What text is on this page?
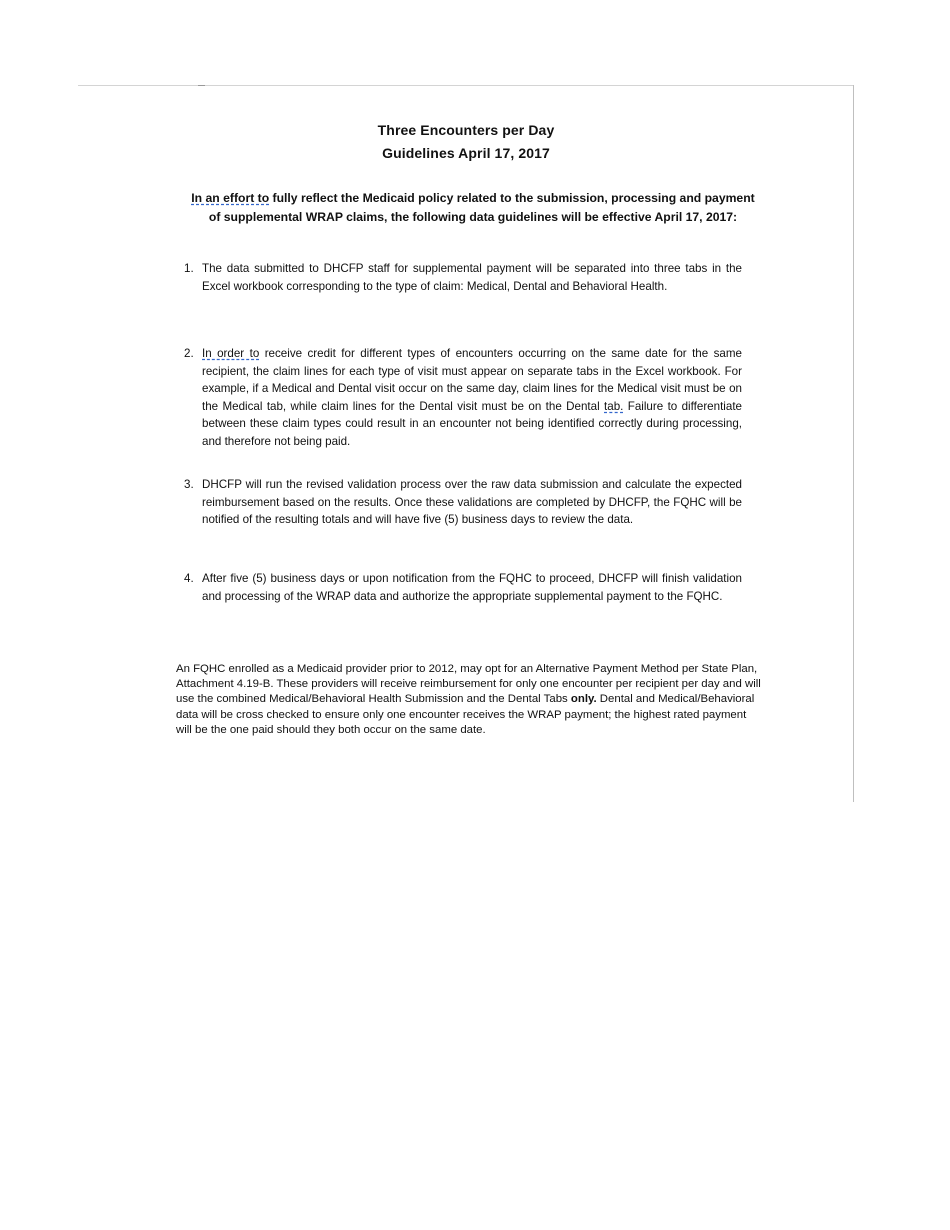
Three Encounters per Day
Guidelines April 17, 2017
In an effort to fully reflect the Medicaid policy related to the submission, processing and payment of supplemental WRAP claims, the following data guidelines will be effective April 17, 2017:
1. The data submitted to DHCFP staff for supplemental payment will be separated into three tabs in the Excel workbook corresponding to the type of claim: Medical, Dental and Behavioral Health.
2. In order to receive credit for different types of encounters occurring on the same date for the same recipient, the claim lines for each type of visit must appear on separate tabs in the Excel workbook. For example, if a Medical and Dental visit occur on the same day, claim lines for the Medical visit must be on the Medical tab, while claim lines for the Dental visit must be on the Dental tab. Failure to differentiate between these claim types could result in an encounter not being identified correctly during processing, and therefore not being paid.
3. DHCFP will run the revised validation process over the raw data submission and calculate the expected reimbursement based on the results. Once these validations are completed by DHCFP, the FQHC will be notified of the resulting totals and will have five (5) business days to review the data.
4. After five (5) business days or upon notification from the FQHC to proceed, DHCFP will finish validation and processing of the WRAP data and authorize the appropriate supplemental payment to the FQHC.
An FQHC enrolled as a Medicaid provider prior to 2012, may opt for an Alternative Payment Method per State Plan, Attachment 4.19-B. These providers will receive reimbursement for only one encounter per recipient per day and will use the combined Medical/Behavioral Health Submission and the Dental Tabs only. Dental and Medical/Behavioral data will be cross checked to ensure only one encounter receives the WRAP payment; the highest rated payment will be the one paid should they both occur on the same date.
